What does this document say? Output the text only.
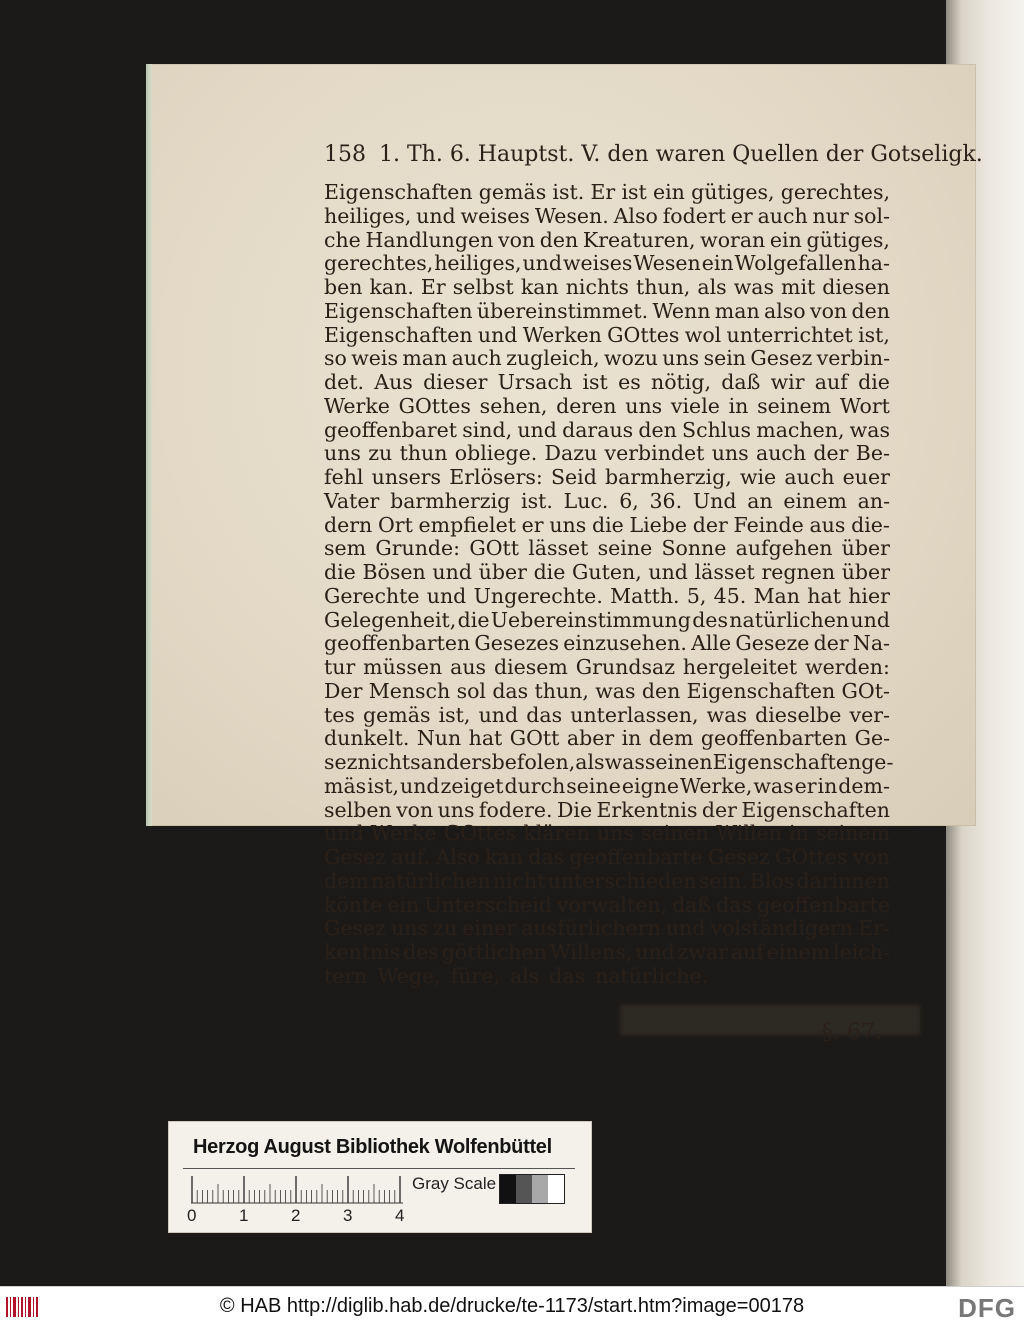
158 1. Th. 6. Hauptst. V. den waren Quellen der Gotseligk.
Eigenschaften gemäs ist. Er ist ein gütiges, gerechtes,
heiliges, und weises Wesen. Also fodert er auch nur sol-
che Handlungen von den Kreaturen, woran ein gütiges,
gerechtes, heiliges, und weises Wesen ein Wolgefallen ha-
ben kan. Er selbst kan nichts thun, als was mit diesen
Eigenschaften übereinstimmet. Wenn man also von den
Eigenschaften und Werken GOttes wol unterrichtet ist,
so weis man auch zugleich, wozu uns sein Gesez verbin-
det. Aus dieser Ursach ist es nötig, daß wir auf die
Werke GOttes sehen, deren uns viele in seinem Wort
geoffenbaret sind, und daraus den Schlus machen, was
uns zu thun obliege. Dazu verbindet uns auch der Be-
fehl unsers Erlösers: Seid barmherzig, wie auch euer
Vater barmherzig ist. Luc. 6, 36. Und an einem an-
dern Ort empfielet er uns die Liebe der Feinde aus die-
sem Grunde: GOtt lässet seine Sonne aufgehen über
die Bösen und über die Guten, und lässet regnen über
Gerechte und Ungerechte. Matth. 5, 45. Man hat hier
Gelegenheit, die Uebereinstimmung des natürlichen und
geoffenbarten Gesezes einzusehen. Alle Geseze der Na-
tur müssen aus diesem Grundsaz hergeleitet werden:
Der Mensch sol das thun, was den Eigenschaften GOt-
tes gemäs ist, und das unterlassen, was dieselbe ver-
dunkelt. Nun hat GOtt aber in dem geoffenbarten Ge-
sez nichts anders befolen, als was seinen Eigenschaften ge-
mäs ist, und zeiget durch seine eigne Werke, was er in dem-
selben von uns fodere. Die Erkentnis der Eigenschaften
und Werke GOttes klären uns seinen Willen in seinem
Gesez auf. Also kan das geoffenbarte Gesez GOttes von
dem natürlichen nicht unterschieden sein. Blos darinnen
könte ein Unterscheid vorwalten, daß das geoffenbarte
Gesez uns zu einer ausfürlichern und volständigern Er-
kentnis des göttlichen Willens, und zwar auf einem leich-
tern Wege, füre, als das natürliche.
§. 67.
Herzog August Bibliothek Wolfenbüttel
0	1	2	3	4
Gray Scale
© HAB http://diglib.hab.de/drucke/te-1173/start.htm?image=00178	DFG
